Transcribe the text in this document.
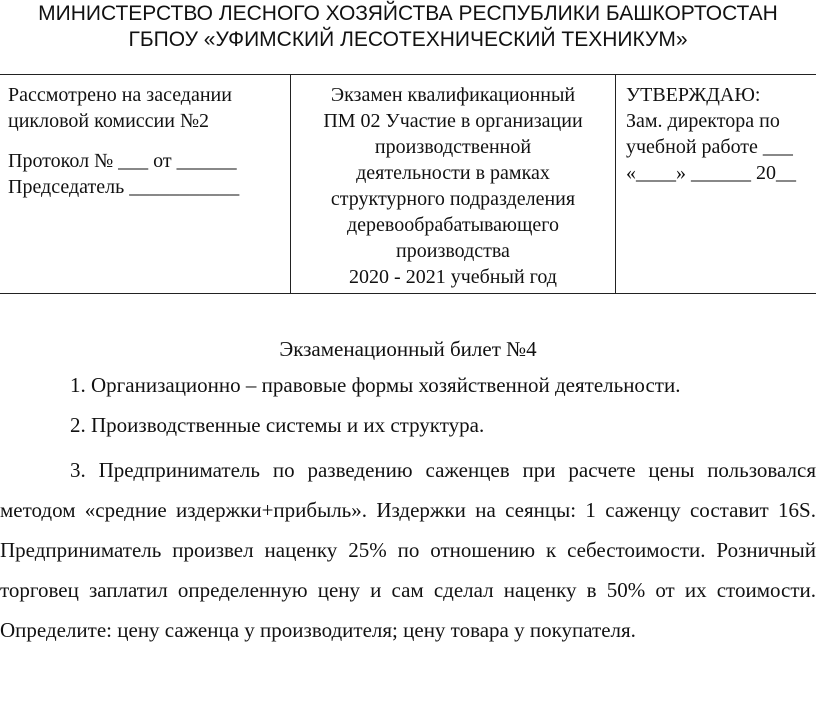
МИНИСТЕРСТВО ЛЕСНОГО ХОЗЯЙСТВА РЕСПУБЛИКИ БАШКОРТОСТАН
ГБПОУ «УФИМСКИЙ ЛЕСОТЕХНИЧЕСКИЙ ТЕХНИКУМ»

Рассмотрено на заседании

цикловой комиссии №2

Протокол № ___ от ______

Председатель ___________

Экзамен квалификационный

ПМ 02 Участие в организации

производственной

деятельности в рамках

структурного подразделения

деревообрабатывающего

производства

2020 - 2021 учебный год

УТВЕРЖДАЮ:

Зам. директора по

учебной работе ___

«____» ______ 20__

Экзаменационный билет №4

1. Организационно – правовые формы хозяйственной деятельности.

2. Производственные системы и их структура.

3. Предприниматель по разведению саженцев при расчете цены пользовался методом «средние издержки+прибыль». Издержки на сеянцы: 1 саженцу составит 16S. Предприниматель произвел наценку 25% по отношению к себестоимости. Розничный торговец заплатил определенную цену и сам сделал наценку в 50% от их стоимости. Определите: цену саженца у производителя; цену товара у покупателя.
